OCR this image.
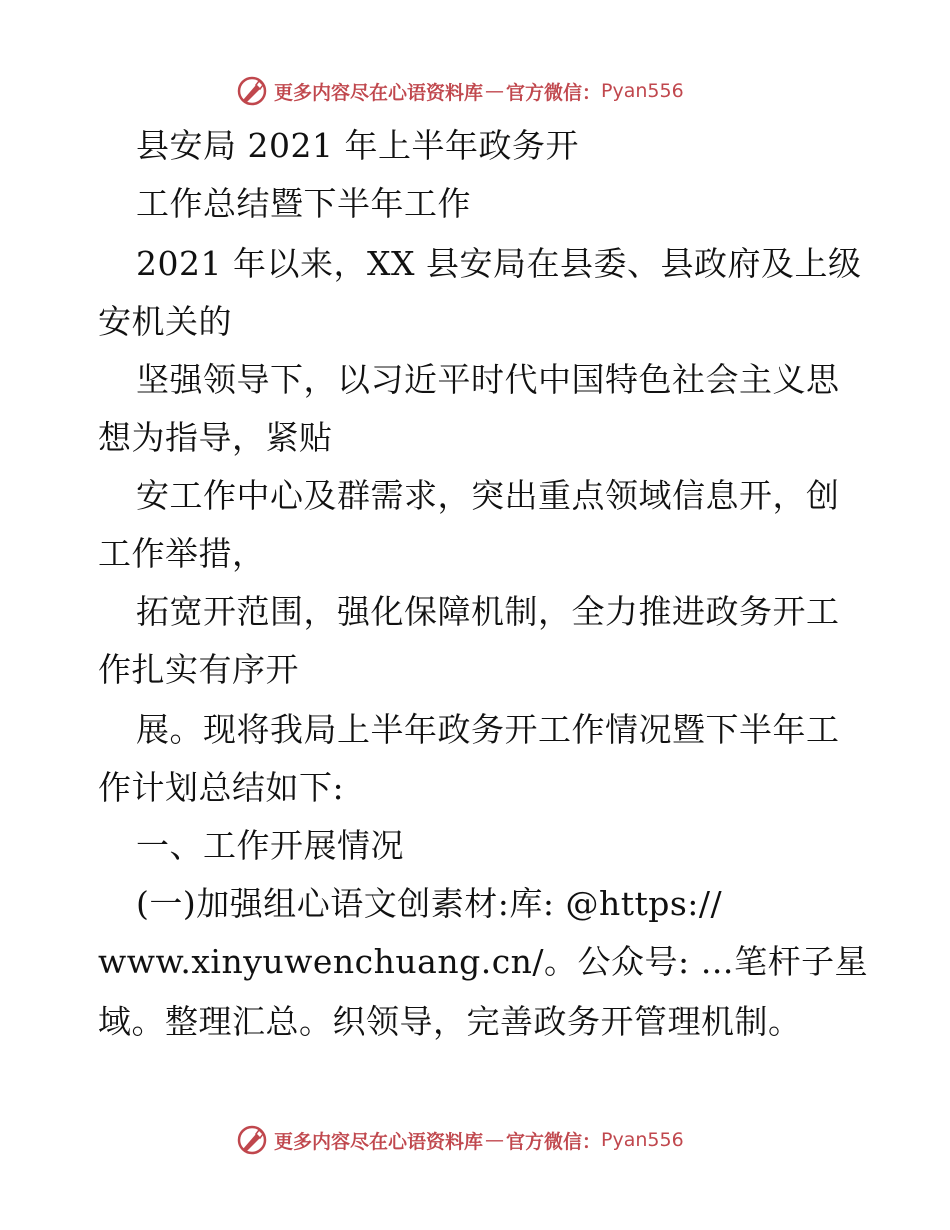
更多内容尽在心语资料库 — 官方微信： Pyan556
县安局 2021 年上半年政务开
工作总结暨下半年工作
2021 年以来，XX 县安局在县委、县政府及上级
安机关的
坚强领导下，以习近平时代中国特色社会主义思
想为指导，紧贴
安工作中心及群需求，突出重点领域信息开，创
工作举措，
拓宽开范围，强化保障机制，全力推进政务开工
作扎实有序开
展。现将我局上半年政务开工作情况暨下半年工
作计划总结如下:
一、工作开展情况
(一)加强组心语文创素材:库: @https://
www.xinyuwenchuang.cn/。公众号: …笔杆子星
域。整理汇总。织领导，完善政务开管理机制。
更多内容尽在心语资料库 — 官方微信： Pyan556
